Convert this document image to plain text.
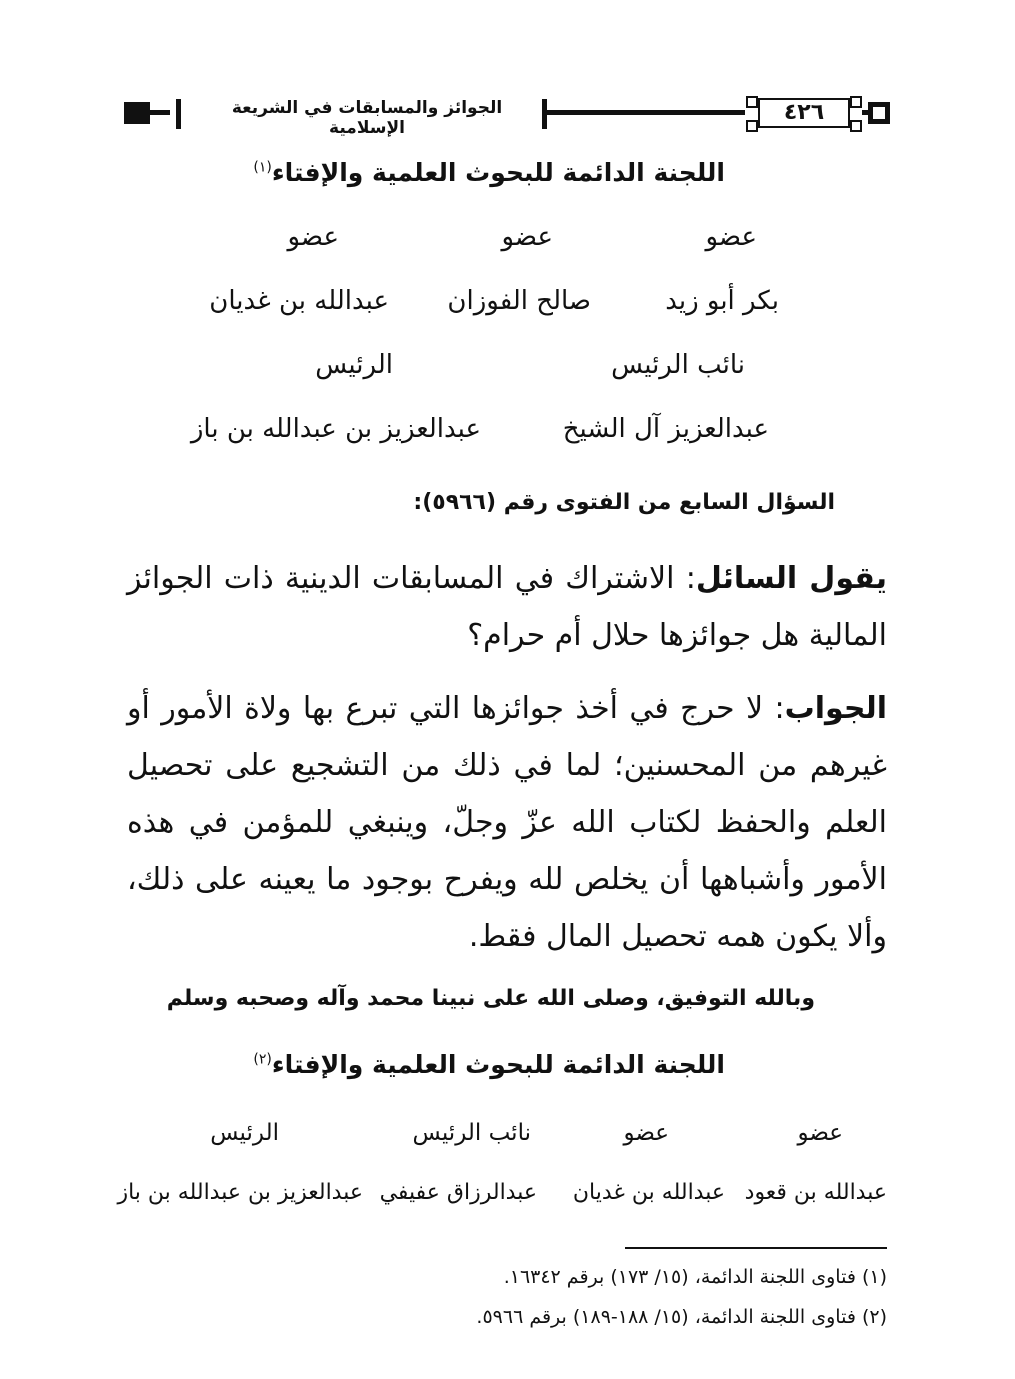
الجوائز والمسابقات في الشريعة الإسلامية
٤٢٦
اللجنة الدائمة للبحوث العلمية والإفتاء$^{(١)}$
عضو
عضو
عضو
بكر أبو زيد
صالح الفوزان
عبدالله بن غديان
نائب الرئيس
الرئيس
عبدالعزيز آل الشيخ
عبدالعزيز بن عبدالله بن باز
السؤال السابع من الفتوى رقم (٥٩٦٦):
يقول السائل: الاشتراك في المسابقات الدينية ذات الجوائز المالية هل جوائزها حلال أم حرام؟
الجواب: لا حرج في أخذ جوائزها التي تبرع بها ولاة الأمور أو غيرهم من المحسنين؛ لما في ذلك من التشجيع على تحصيل العلم والحفظ لكتاب الله عزّ وجلّ، وينبغي للمؤمن في هذه الأمور وأشباهها أن يخلص لله ويفرح بوجود ما يعينه على ذلك، وألا يكون همه تحصيل المال فقط.
وبالله التوفيق، وصلى الله على نبينا محمد وآله وصحبه وسلم
اللجنة الدائمة للبحوث العلمية والإفتاء$^{(٢)}$
عضو
عضو
نائب الرئيس
الرئيس
عبدالله بن قعود
عبدالله بن غديان
عبدالرزاق عفيفي
عبدالعزيز بن عبدالله بن باز
(١) فتاوى اللجنة الدائمة، (١٥/ ١٧٣) برقم ١٦٣٤٢.
(٢) فتاوى اللجنة الدائمة، (١٥/ ١٨٨-١٨٩) برقم ٥٩٦٦.
